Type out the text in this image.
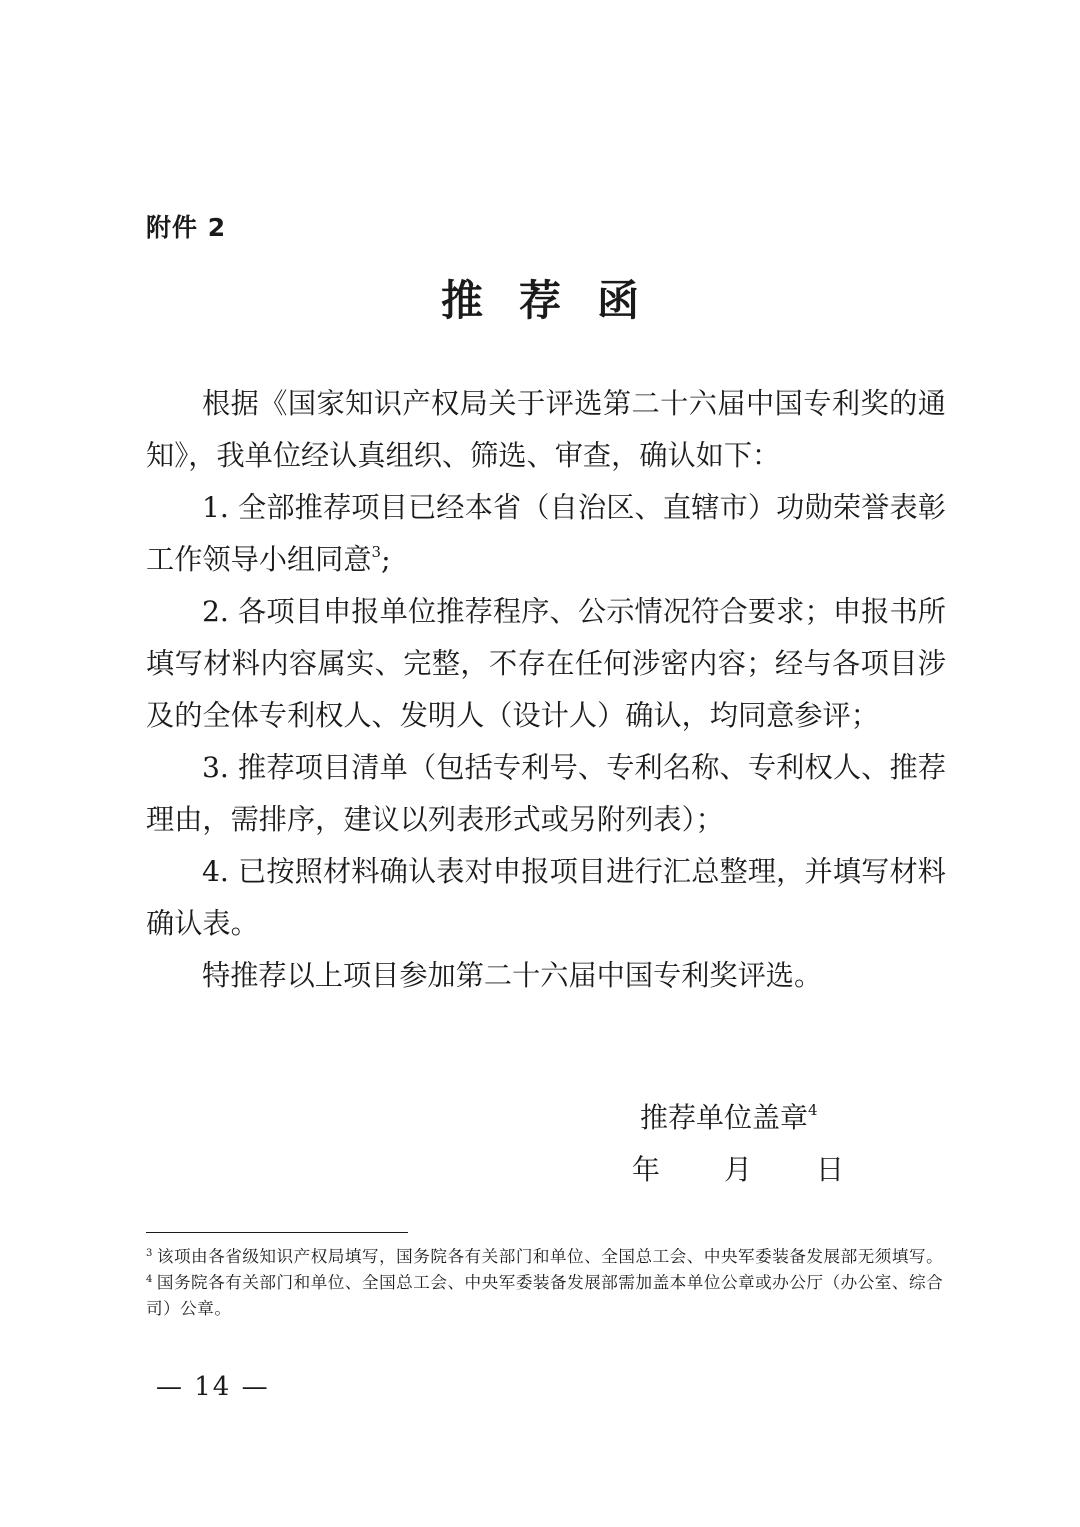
附件 2
推荐函

根据《国家知识产权局关于评选第二十六届中国专利奖的通知》，我单位经认真组织、筛选、审查，确认如下：

1. 全部推荐项目已经本省（自治区、直辖市）功勋荣誉表彰工作领导小组同意$^3$;

2. 各项目申报单位推荐程序、公示情况符合要求；申报书所填写材料内容属实、完整，不存在任何涉密内容；经与各项目涉及的全体专利权人、发明人（设计人）确认，均同意参评；

3. 推荐项目清单（包括专利号、专利名称、专利权人、推荐理由，需排序，建议以列表形式或另附列表）；

4. 已按照材料确认表对申报项目进行汇总整理，并填写材料确认表。

特推荐以上项目参加第二十六届中国专利奖评选。

推荐单位盖章$^4$
年	月	日

$^3$ 该项由各省级知识产权局填写，国务院各有关部门和单位、全国总工会、中央军委装备发展部无须填写。

$^4$ 国务院各有关部门和单位、全国总工会、中央军委装备发展部需加盖本单位公章或办公厅（办公室、综合司）公章。

— 14 —
